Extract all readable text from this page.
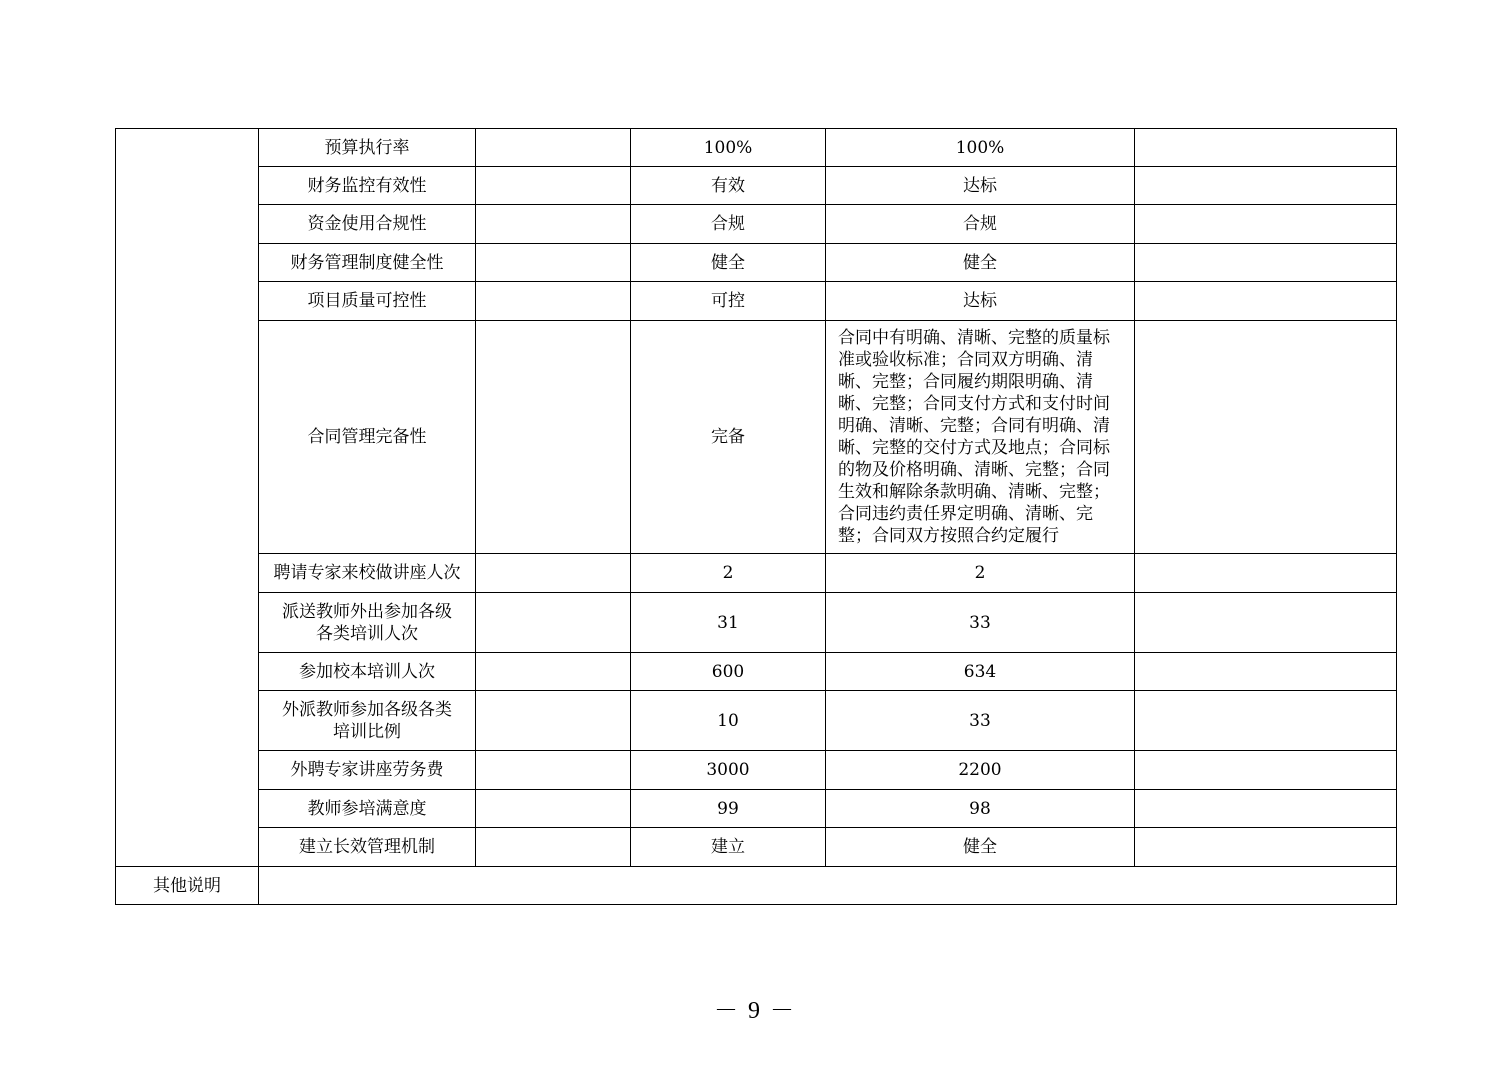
	预算执行率		100%	100%	
	财务监控有效性		有效	达标	
	资金使用合规性		合规	合规	
	财务管理制度健全性		健全	健全	
	项目质量可控性		可控	达标	
	合同管理完备性		完备	合同中有明确、清晰、完整的质量标准或验收标准；合同双方明确、清晰、完整；合同履约期限明确、清晰、完整；合同支付方式和支付时间明确、清晰、完整；合同有明确、清晰、完整的交付方式及地点；合同标的物及价格明确、清晰、完整；合同生效和解除条款明确、清晰、完整；合同违约责任界定明确、清晰、完整；合同双方按照合约定履行	
	聘请专家来校做讲座人次		2	2	
	派送教师外出参加各级各类培训人次		31	33	
	参加校本培训人次		600	634	
	外派教师参加各级各类培训比例		10	33	
	外聘专家讲座劳务费		3000	2200	
	教师参培满意度		99	98	
	建立长效管理机制		建立	健全	
其他说明					
－ 9 －
